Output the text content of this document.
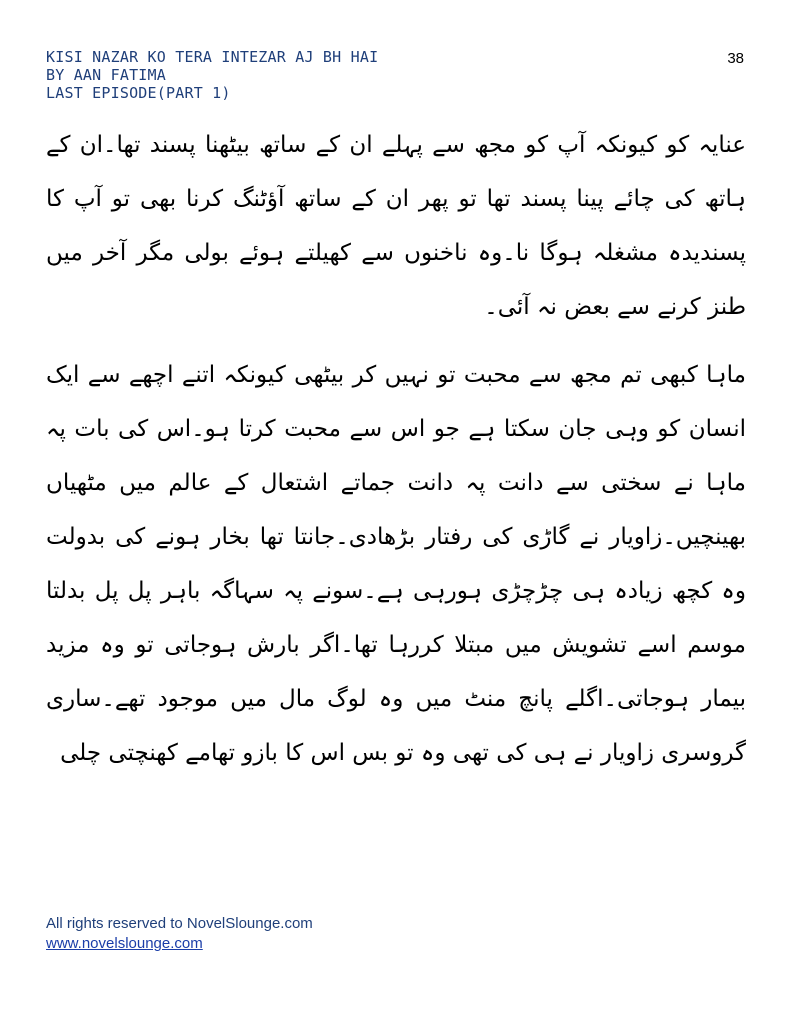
KISI NAZAR KO TERA INTEZAR AJ BH HAI
BY AAN FATIMA
LAST EPISODE(PART 1)
38

عنایہ کو کیونکہ آپ کو مجھ سے پہلے ان کے ساتھ بیٹھنا پسند تھا۔ان کے ہاتھ کی چائے پینا پسند تھا تو پھر ان کے ساتھ آؤٹنگ کرنا بھی تو آپ کا پسندیدہ مشغلہ ہوگا نا۔وہ ناخنوں سے کھیلتے ہوئے بولی مگر آخر میں طنز کرنے سے بعض نہ آئی۔

ماہا کبھی تم مجھ سے محبت تو نہیں کر بیٹھی کیونکہ اتنے اچھے سے ایک انسان کو وہی جان سکتا ہے جو اس سے محبت کرتا ہو۔اس کی بات پہ ماہا نے سختی سے دانت پہ دانت جماتے اشتعال کے عالم میں مٹھیاں بھینچیں۔زاویار نے گاڑی کی رفتار بڑھادی۔جانتا تھا بخار ہونے کی بدولت وہ کچھ زیادہ ہی چڑچڑی ہورہی ہے۔سونے پہ سہاگہ باہر پل پل بدلتا موسم اسے تشویش میں مبتلا کررہا تھا۔اگر بارش ہوجاتی تو وہ مزید بیمار ہوجاتی۔اگلے پانچ منٹ میں وہ لوگ مال میں موجود تھے۔ساری گروسری زاویار نے ہی کی تھی وہ تو بس اس کا بازو تھامے کھنچتی چلی

All rights reserved to NovelSlounge.com
www.novelslounge.com
